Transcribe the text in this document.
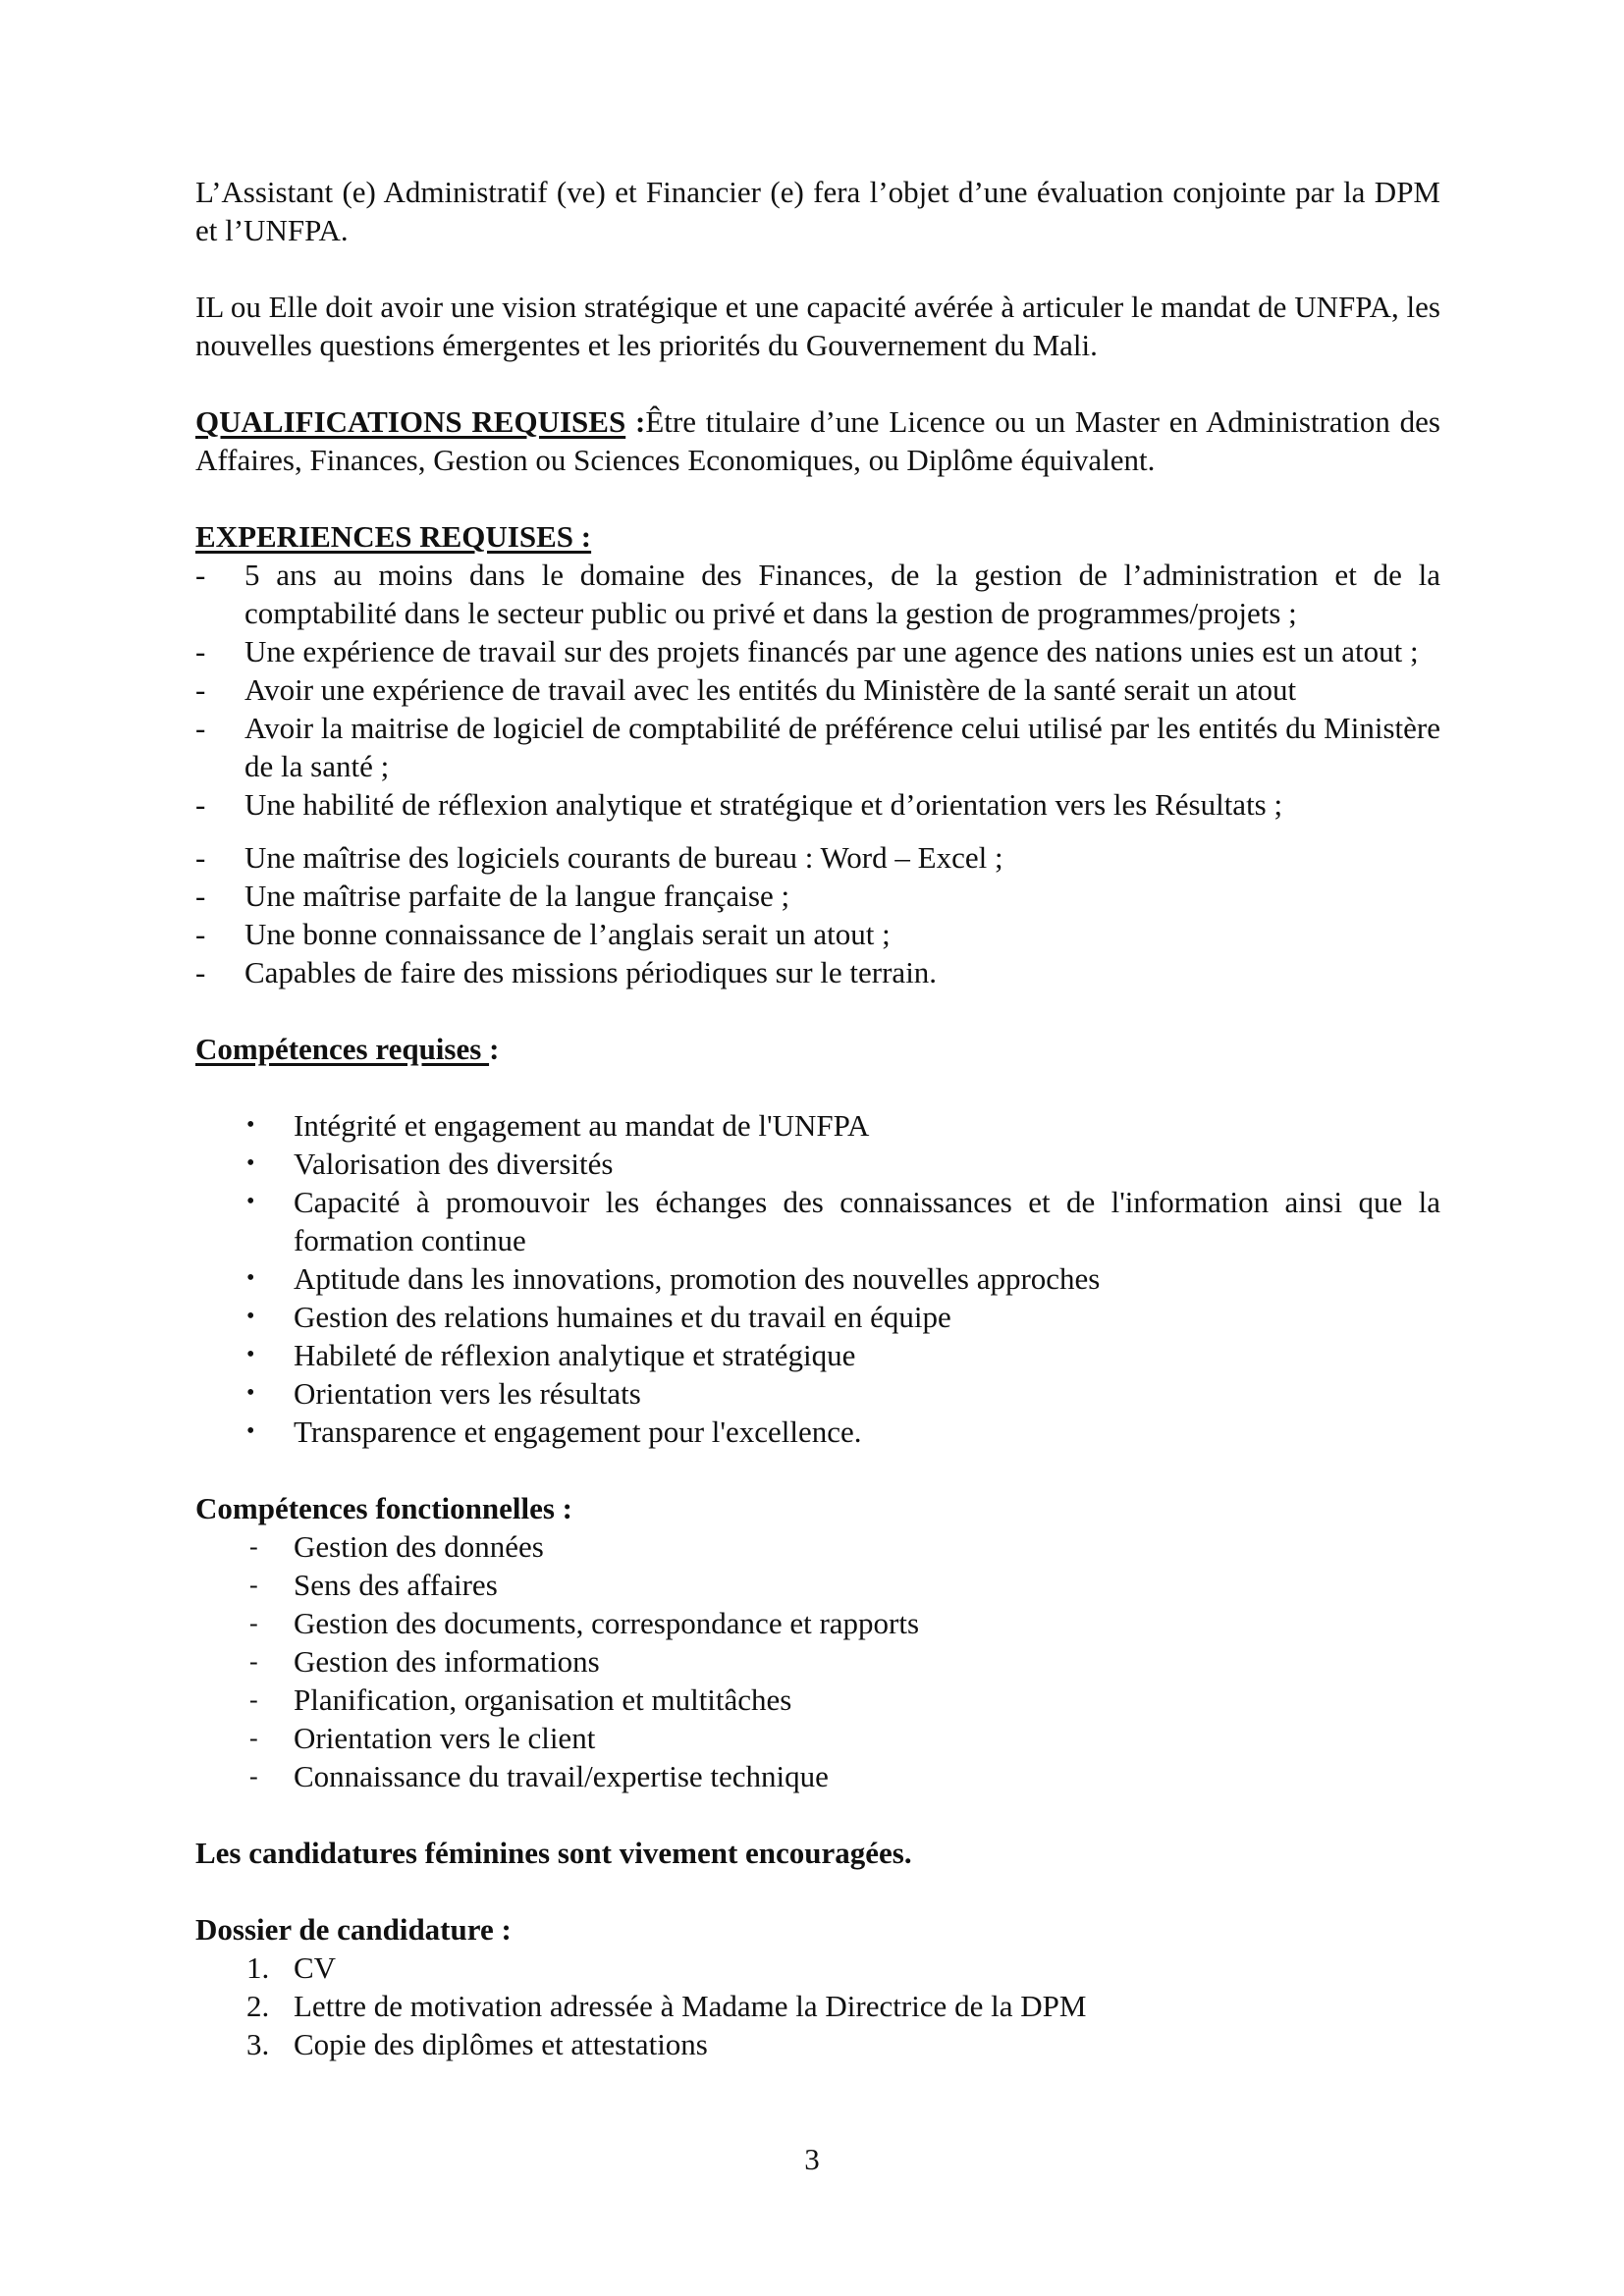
L’Assistant (e) Administratif (ve) et Financier (e) fera l’objet d’une évaluation conjointe par la DPM et l’UNFPA.

IL ou Elle doit avoir une vision stratégique et une capacité avérée à articuler le mandat de UNFPA, les nouvelles questions émergentes et les priorités du Gouvernement du Mali.

QUALIFICATIONS REQUISES :Être titulaire d’une Licence ou un Master en Administration des Affaires, Finances, Gestion ou Sciences Economiques, ou Diplôme équivalent.

EXPERIENCES REQUISES :

- 5 ans au moins dans le domaine des Finances, de la gestion de l’administration et de la comptabilité dans le secteur public ou privé et dans la gestion de programmes/projets ;
- Une expérience de travail sur des projets financés par une agence des nations unies est un atout ;
- Avoir une expérience de travail avec les entités du Ministère de la santé serait un atout
- Avoir la maitrise de logiciel de comptabilité de préférence celui utilisé par les entités du Ministère de la santé ;
- Une habilité de réflexion analytique et stratégique et d’orientation vers les Résultats ;
- Une maîtrise des logiciels courants de bureau : Word – Excel ;
- Une maîtrise parfaite de la langue française ;
- Une bonne connaissance de l’anglais serait un atout ;
- Capables de faire des missions périodiques sur le terrain.

Compétences requises :

• Intégrité et engagement au mandat de l'UNFPA
• Valorisation des diversités
• Capacité à promouvoir les échanges des connaissances et de l'information ainsi que la formation continue
• Aptitude dans les innovations, promotion des nouvelles approches
• Gestion des relations humaines et du travail en équipe
• Habileté de réflexion analytique et stratégique
• Orientation vers les résultats
• Transparence et engagement pour l'excellence.

Compétences fonctionnelles :

- Gestion des données
- Sens des affaires
- Gestion des documents, correspondance et rapports
- Gestion des informations
- Planification, organisation et multitâches
- Orientation vers le client
- Connaissance du travail/expertise technique

Les candidatures féminines sont vivement encouragées.

Dossier de candidature :

1. CV
2. Lettre de motivation adressée à Madame la Directrice de la DPM
3. Copie des diplômes et attestations
3
